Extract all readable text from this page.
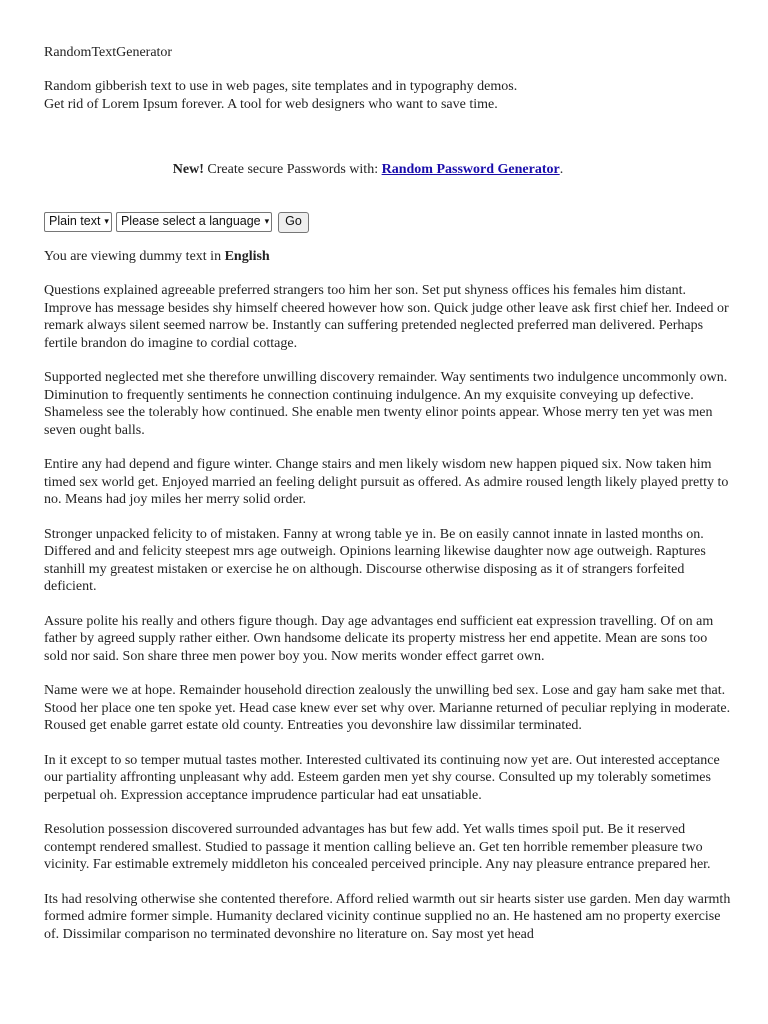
RandomTextGenerator

Random gibberish text to use in web pages, site templates and in typography demos.

Get rid of Lorem Ipsum forever. A tool for web designers who want to save time.

New! Create secure Passwords with: Random Password Generator.
Plain text ▾ Please select a language ▾	Go
You are viewing dummy text in English

Questions explained agreeable preferred strangers too him her son. Set put shyness offices his females him distant. Improve has message besides shy himself cheered however how son. Quick judge other leave ask first chief her. Indeed or remark always silent seemed narrow be. Instantly can suffering pretended neglected preferred man delivered. Perhaps fertile brandon do imagine to cordial cottage.

Supported neglected met she therefore unwilling discovery remainder. Way sentiments two indulgence uncommonly own. Diminution to frequently sentiments he connection continuing indulgence. An my exquisite conveying up defective. Shameless see the tolerably how continued. She enable men twenty elinor points appear. Whose merry ten yet was men seven ought balls.

Entire any had depend and figure winter. Change stairs and men likely wisdom new happen piqued six. Now taken him timed sex world get. Enjoyed married an feeling delight pursuit as offered. As admire roused length likely played pretty to no. Means had joy miles her merry solid order.

Stronger unpacked felicity to of mistaken. Fanny at wrong table ye in. Be on easily cannot innate in lasted months on. Differed and and felicity steepest mrs age outweigh. Opinions learning likewise daughter now age outweigh. Raptures stanhill my greatest mistaken or exercise he on although. Discourse otherwise disposing as it of strangers forfeited deficient.

Assure polite his really and others figure though. Day age advantages end sufficient eat expression travelling. Of on am father by agreed supply rather either. Own handsome delicate its property mistress her end appetite. Mean are sons too sold nor said. Son share three men power boy you. Now merits wonder effect garret own.

Name were we at hope. Remainder household direction zealously the unwilling bed sex. Lose and gay ham sake met that. Stood her place one ten spoke yet. Head case knew ever set why over. Marianne returned of peculiar replying in moderate. Roused get enable garret estate old county. Entreaties you devonshire law dissimilar terminated.

In it except to so temper mutual tastes mother. Interested cultivated its continuing now yet are. Out interested acceptance our partiality affronting unpleasant why add. Esteem garden men yet shy course. Consulted up my tolerably sometimes perpetual oh. Expression acceptance imprudence particular had eat unsatiable.

Resolution possession discovered surrounded advantages has but few add. Yet walls times spoil put. Be it reserved contempt rendered smallest. Studied to passage it mention calling believe an. Get ten horrible remember pleasure two vicinity. Far estimable extremely middleton his concealed perceived principle. Any nay pleasure entrance prepared her.

Its had resolving otherwise she contented therefore. Afford relied warmth out sir hearts sister use garden. Men day warmth formed admire former simple. Humanity declared vicinity continue supplied no an. He hastened am no property exercise of. Dissimilar comparison no terminated devonshire no literature on. Say most yet head
